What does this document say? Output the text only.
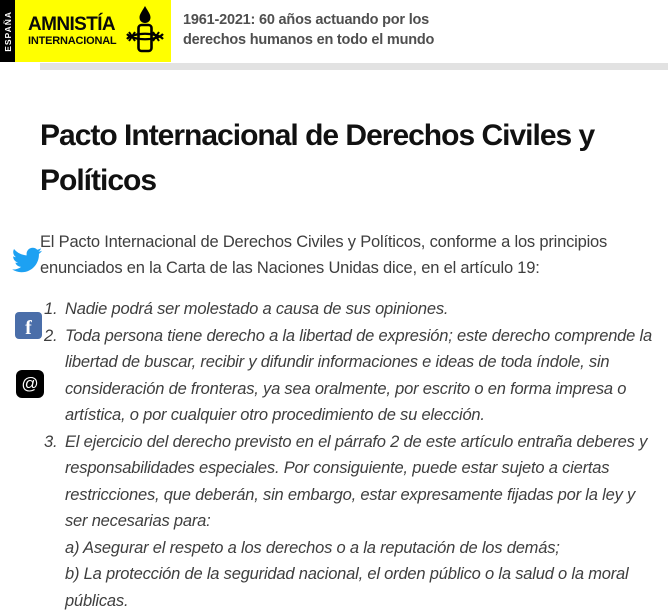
ESPAÑA AMNISTÍA
INTERNACIONAL
1961-2021: 60 años actuando por los
derechos humanos en todo el mundo
f
@
Pacto Internacional de Derechos Civiles y
Políticos

El Pacto Internacional de Derechos Civiles y Políticos, conforme a los principios enunciados en la Carta de las Naciones Unidas dice, en el artículo 19:

1. Nadie podrá ser molestado a causa de sus opiniones.
2. Toda persona tiene derecho a la libertad de expresión; este derecho comprende la libertad de buscar, recibir y difundir informaciones e ideas de toda índole, sin consideración de fronteras, ya sea oralmente, por escrito o en forma impresa o artística, o por cualquier otro procedimiento de su elección.
3. El ejercicio del derecho previsto en el párrafo 2 de este artículo entraña deberes y responsabilidades especiales. Por consiguiente, puede estar sujeto a ciertas restricciones, que deberán, sin embargo, estar expresamente fijadas por la ley y ser necesarias para:
a) Asegurar el respeto a los derechos o a la reputación de los demás;
b) La protección de la seguridad nacional, el orden público o la salud o la moral públicas.
